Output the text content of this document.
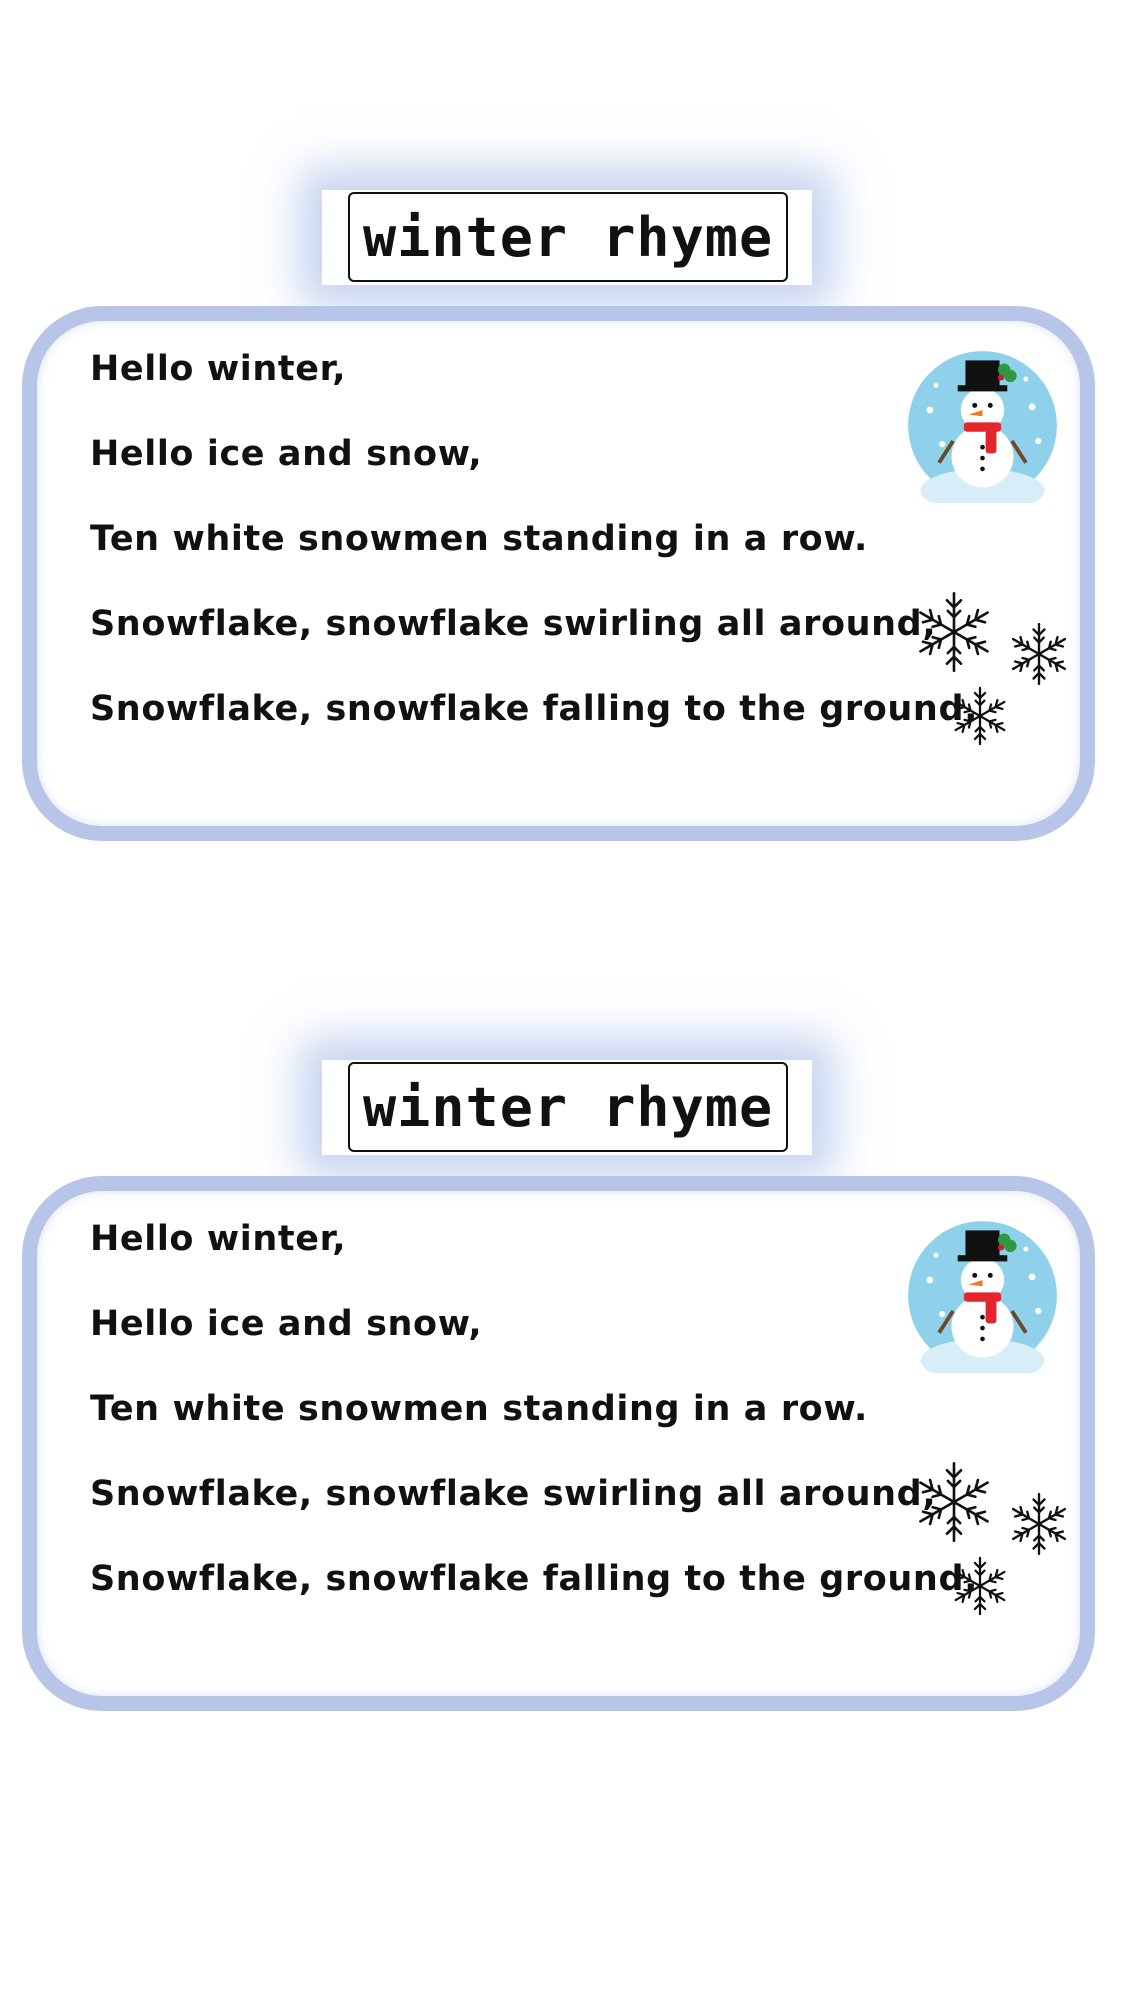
winter rhyme
Hello winter,
Hello ice and snow,
Ten white snowmen standing in a row.
Snowflake, snowflake swirling all around,
Snowflake, snowflake falling to the ground.
winter rhyme
Hello winter,
Hello ice and snow,
Ten white snowmen standing in a row.
Snowflake, snowflake swirling all around,
Snowflake, snowflake falling to the ground.
